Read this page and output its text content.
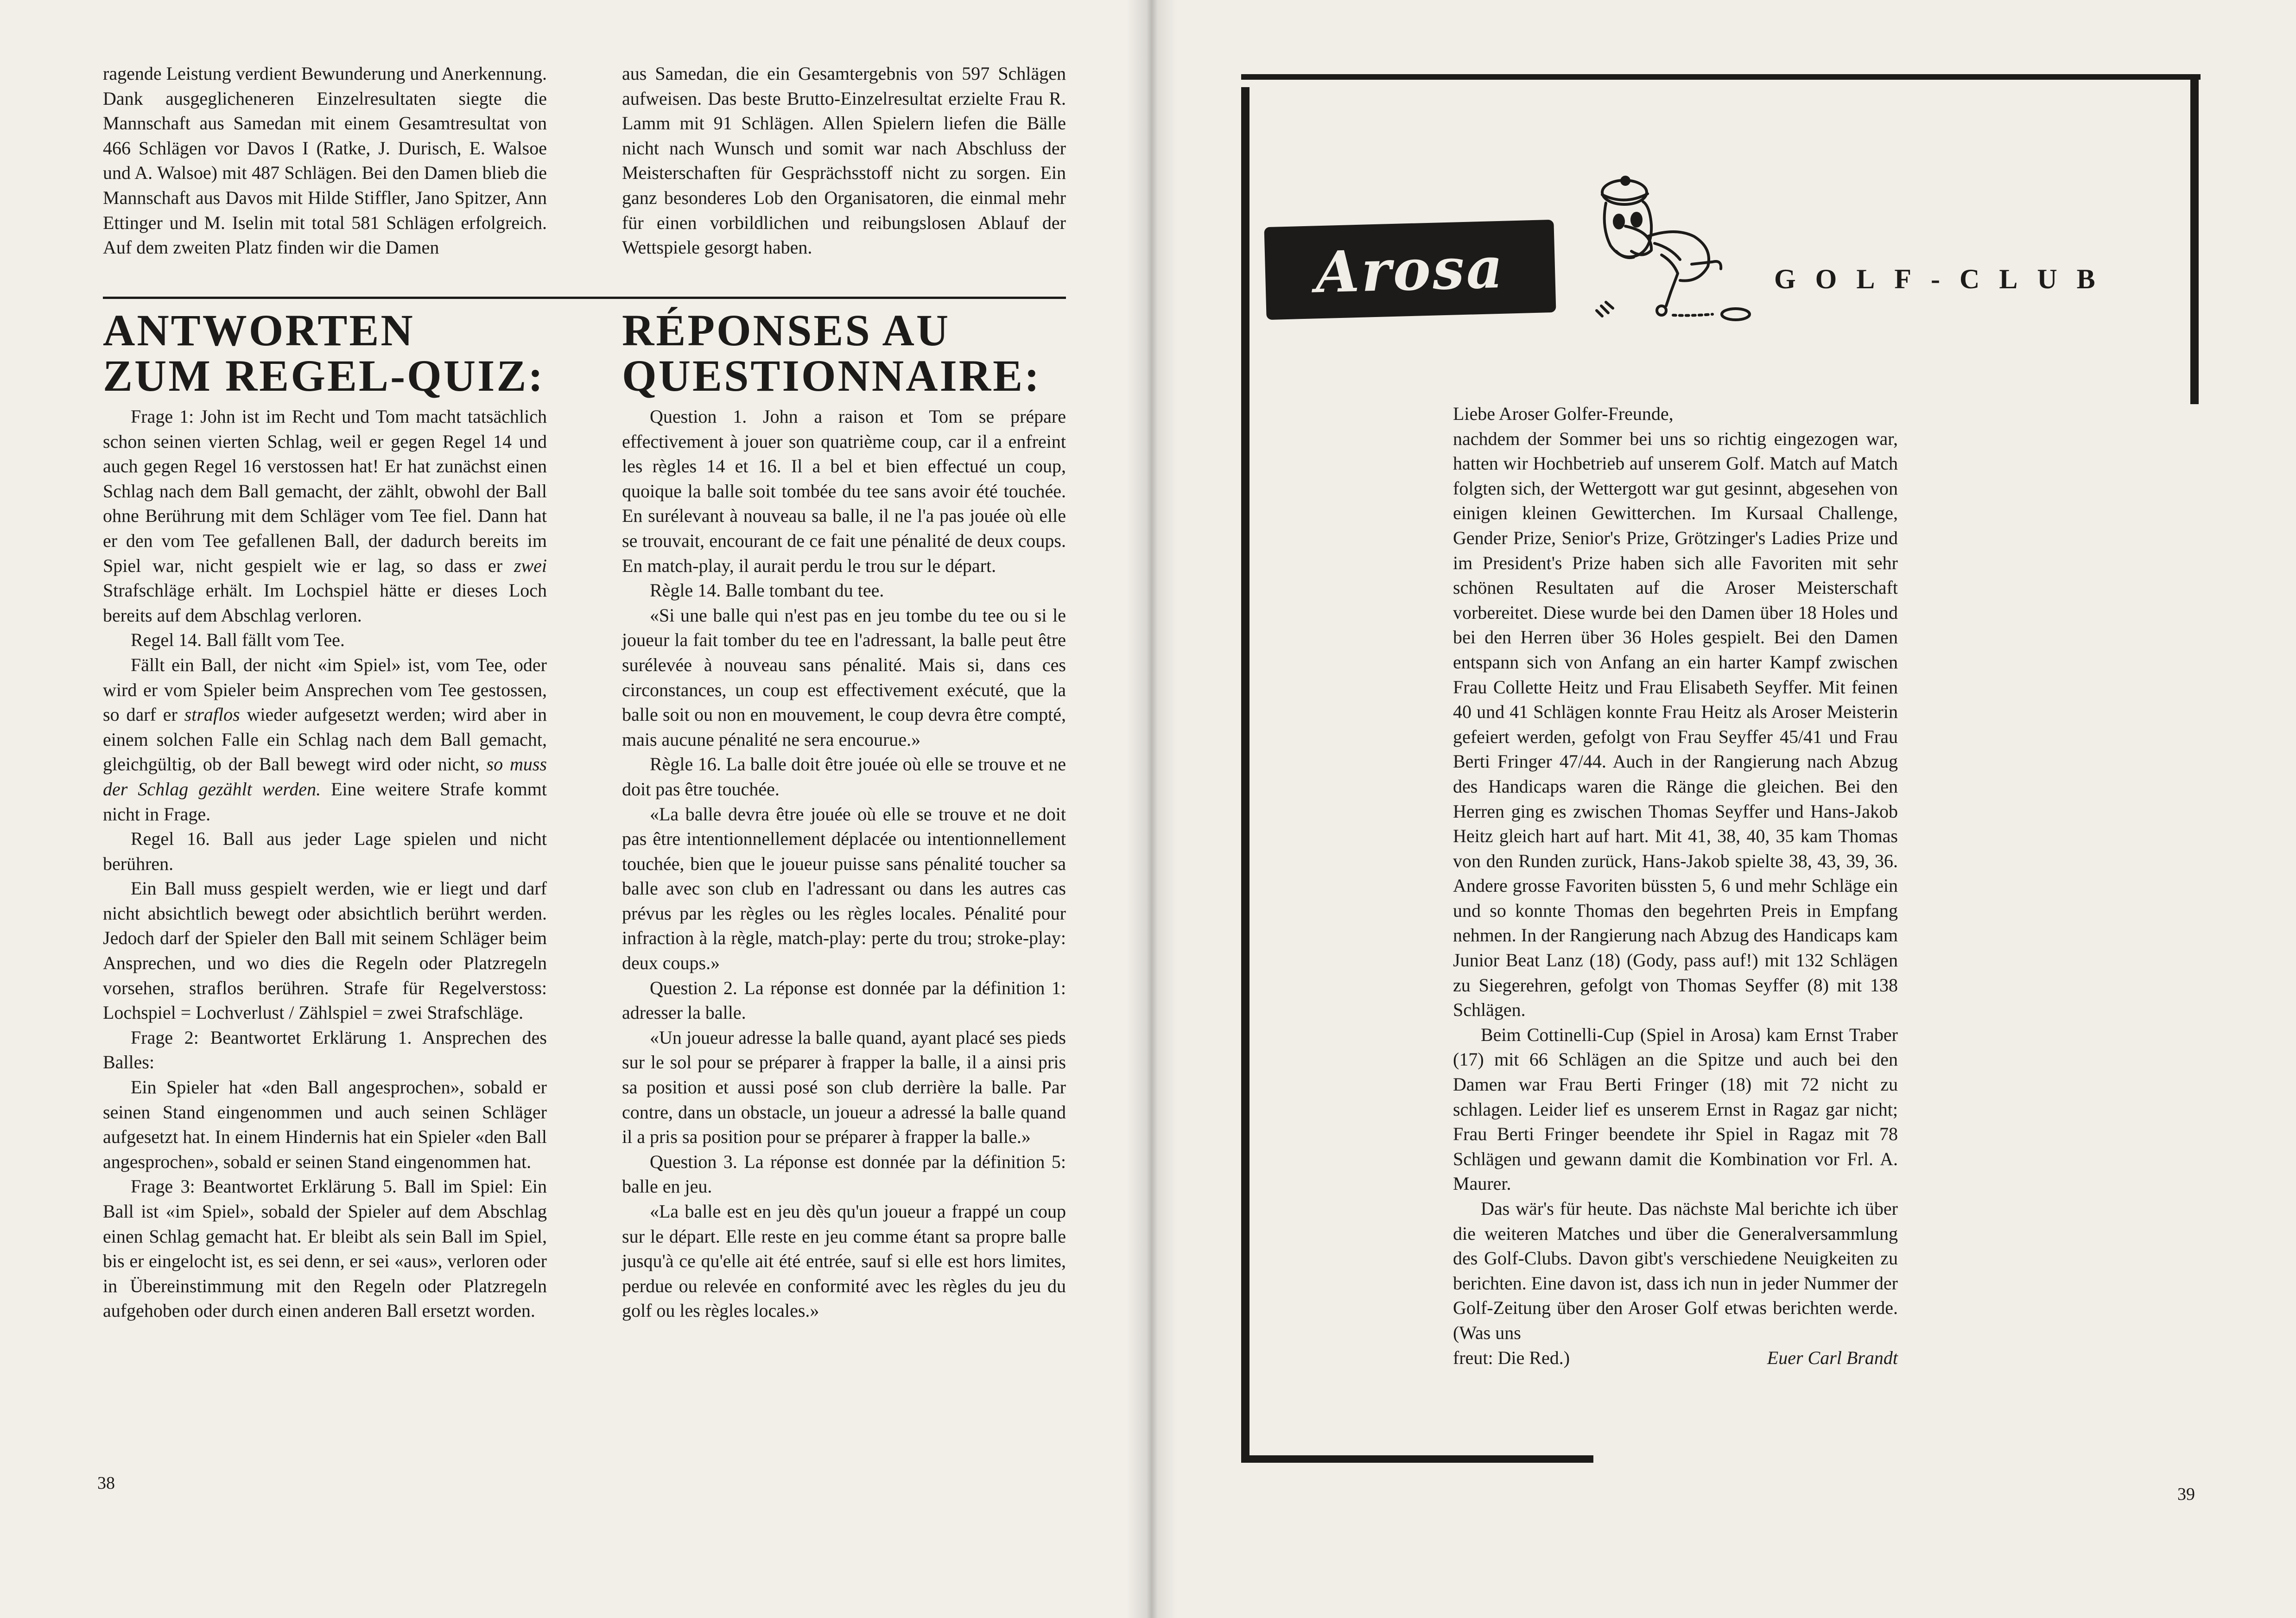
ragende Leistung verdient Bewunderung und Anerkennung. Dank ausgeglicheneren Einzelresultaten siegte die Mannschaft aus Samedan mit einem Gesamtresultat von 466 Schlägen vor Davos I (Ratke, J. Durisch, E. Walsoe und A. Walsoe) mit 487 Schlägen. Bei den Damen blieb die Mannschaft aus Davos mit Hilde Stiffler, Jano Spitzer, Ann Ettinger und M. Iselin mit total 581 Schlägen erfolgreich. Auf dem zweiten Platz finden wir die Damen

aus Samedan, die ein Gesamtergebnis von 597 Schlägen aufweisen. Das beste Brutto-Einzelresultat erzielte Frau R. Lamm mit 91 Schlägen. Allen Spielern liefen die Bälle nicht nach Wunsch und somit war nach Abschluss der Meisterschaften für Gesprächsstoff nicht zu sorgen. Ein ganz besonderes Lob den Organisatoren, die einmal mehr für einen vorbildlichen und reibungslosen Ablauf der Wettspiele gesorgt haben.

ANTWORTEN
ZUM REGEL-QUIZ:
RÉPONSES AU
QUESTIONNAIRE:

Frage 1: John ist im Recht und Tom macht tatsächlich schon seinen vierten Schlag, weil er gegen Regel 14 und auch gegen Regel 16 verstossen hat! Er hat zunächst einen Schlag nach dem Ball gemacht, der zählt, obwohl der Ball ohne Berührung mit dem Schläger vom Tee fiel. Dann hat er den vom Tee gefallenen Ball, der dadurch bereits im Spiel war, nicht gespielt wie er lag, so dass er zwei Strafschläge erhält. Im Lochspiel hätte er dieses Loch bereits auf dem Abschlag verloren.

Regel 14. Ball fällt vom Tee.

Fällt ein Ball, der nicht «im Spiel» ist, vom Tee, oder wird er vom Spieler beim Ansprechen vom Tee gestossen, so darf er straflos wieder aufgesetzt werden; wird aber in einem solchen Falle ein Schlag nach dem Ball gemacht, gleichgültig, ob der Ball bewegt wird oder nicht, so muss der Schlag gezählt werden. Eine weitere Strafe kommt nicht in Frage.

Regel 16. Ball aus jeder Lage spielen und nicht berühren.

Ein Ball muss gespielt werden, wie er liegt und darf nicht absichtlich bewegt oder absichtlich berührt werden. Jedoch darf der Spieler den Ball mit seinem Schläger beim Ansprechen, und wo dies die Regeln oder Platzregeln vorsehen, straflos berühren. Strafe für Regelverstoss: Lochspiel = Lochverlust / Zählspiel = zwei Strafschläge.

Frage 2: Beantwortet Erklärung 1. Ansprechen des Balles:

Ein Spieler hat «den Ball angesprochen», sobald er seinen Stand eingenommen und auch seinen Schläger aufgesetzt hat. In einem Hindernis hat ein Spieler «den Ball angesprochen», sobald er seinen Stand eingenommen hat.

Frage 3: Beantwortet Erklärung 5. Ball im Spiel: Ein Ball ist «im Spiel», sobald der Spieler auf dem Abschlag einen Schlag gemacht hat. Er bleibt als sein Ball im Spiel, bis er eingelocht ist, es sei denn, er sei «aus», verloren oder in Übereinstimmung mit den Regeln oder Platzregeln aufgehoben oder durch einen anderen Ball ersetzt worden.

Question 1. John a raison et Tom se prépare effectivement à jouer son quatrième coup, car il a enfreint les règles 14 et 16. Il a bel et bien effectué un coup, quoique la balle soit tombée du tee sans avoir été touchée. En surélevant à nouveau sa balle, il ne l'a pas jouée où elle se trouvait, encourant de ce fait une pénalité de deux coups. En match-play, il aurait perdu le trou sur le départ.

Règle 14. Balle tombant du tee.

«Si une balle qui n'est pas en jeu tombe du tee ou si le joueur la fait tomber du tee en l'adressant, la balle peut être surélevée à nouveau sans pénalité. Mais si, dans ces circonstances, un coup est effectivement exécuté, que la balle soit ou non en mouvement, le coup devra être compté, mais aucune pénalité ne sera encourue.»

Règle 16. La balle doit être jouée où elle se trouve et ne doit pas être touchée.

«La balle devra être jouée où elle se trouve et ne doit pas être intentionnellement déplacée ou intentionnellement touchée, bien que le joueur puisse sans pénalité toucher sa balle avec son club en l'adressant ou dans les autres cas prévus par les règles ou les règles locales. Pénalité pour infraction à la règle, match-play: perte du trou; stroke-play: deux coups.»

Question 2. La réponse est donnée par la définition 1: adresser la balle.

«Un joueur adresse la balle quand, ayant placé ses pieds sur le sol pour se préparer à frapper la balle, il a ainsi pris sa position et aussi posé son club derrière la balle. Par contre, dans un obstacle, un joueur a adressé la balle quand il a pris sa position pour se préparer à frapper la balle.»

Question 3. La réponse est donnée par la définition 5: balle en jeu.

«La balle est en jeu dès qu'un joueur a frappé un coup sur le départ. Elle reste en jeu comme étant sa propre balle jusqu'à ce qu'elle ait été entrée, sauf si elle est hors limites, perdue ou relevée en conformité avec les règles du jeu du golf ou les règles locales.»

38
39
Arosa	GOLF-CLUB

Liebe Aroser Golfer-Freunde,

nachdem der Sommer bei uns so richtig eingezogen war, hatten wir Hochbetrieb auf unserem Golf. Match auf Match folgten sich, der Wettergott war gut gesinnt, abgesehen von einigen kleinen Gewitterchen. Im Kursaal Challenge, Gender Prize, Senior's Prize, Grötzinger's Ladies Prize und im President's Prize haben sich alle Favoriten mit sehr schönen Resultaten auf die Aroser Meisterschaft vorbereitet. Diese wurde bei den Damen über 18 Holes und bei den Herren über 36 Holes gespielt. Bei den Damen entspann sich von Anfang an ein harter Kampf zwischen Frau Collette Heitz und Frau Elisabeth Seyffer. Mit feinen 40 und 41 Schlägen konnte Frau Heitz als Aroser Meisterin gefeiert werden, gefolgt von Frau Seyffer 45/41 und Frau Berti Fringer 47/44. Auch in der Rangierung nach Abzug des Handicaps waren die Ränge die gleichen. Bei den Herren ging es zwischen Thomas Seyffer und Hans-Jakob Heitz gleich hart auf hart. Mit 41, 38, 40, 35 kam Thomas von den Runden zurück, Hans-Jakob spielte 38, 43, 39, 36. Andere grosse Favoriten büssten 5, 6 und mehr Schläge ein und so konnte Thomas den begehrten Preis in Empfang nehmen. In der Rangierung nach Abzug des Handicaps kam Junior Beat Lanz (18) (Gody, pass auf!) mit 132 Schlägen zu Siegerehren, gefolgt von Thomas Seyffer (8) mit 138 Schlägen.

Beim Cottinelli-Cup (Spiel in Arosa) kam Ernst Traber (17) mit 66 Schlägen an die Spitze und auch bei den Damen war Frau Berti Fringer (18) mit 72 nicht zu schlagen. Leider lief es unserem Ernst in Ragaz gar nicht; Frau Berti Fringer beendete ihr Spiel in Ragaz mit 78 Schlägen und gewann damit die Kombination vor Frl. A. Maurer.

Das wär's für heute. Das nächste Mal berichte ich über die weiteren Matches und über die Generalversammlung des Golf-Clubs. Davon gibt's verschiedene Neuigkeiten zu berichten. Eine davon ist, dass ich nun in jeder Nummer der Golf-Zeitung über den Aroser Golf etwas berichten werde. (Was uns

freut: Die Red.)	Euer Carl Brandt
